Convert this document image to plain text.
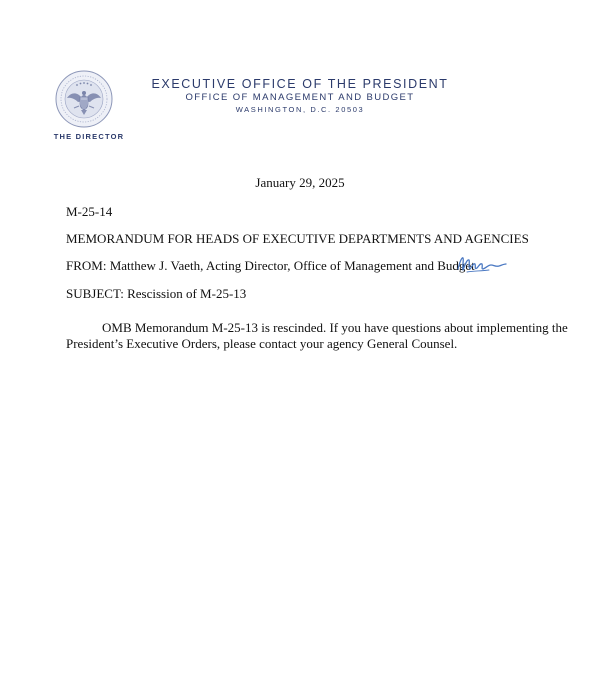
THE DIRECTOR
EXECUTIVE OFFICE OF THE PRESIDENT
OFFICE OF MANAGEMENT AND BUDGET
WASHINGTON, D.C. 20503
January 29, 2025
M-25-14
MEMORANDUM FOR HEADS OF EXECUTIVE DEPARTMENTS AND AGENCIES
FROM: Matthew J. Vaeth, Acting Director, Office of Management and Budget
SUBJECT: Rescission of M-25-13
OMB Memorandum M-25-13 is rescinded. If you have questions about implementing the
President’s Executive Orders, please contact your agency General Counsel.
